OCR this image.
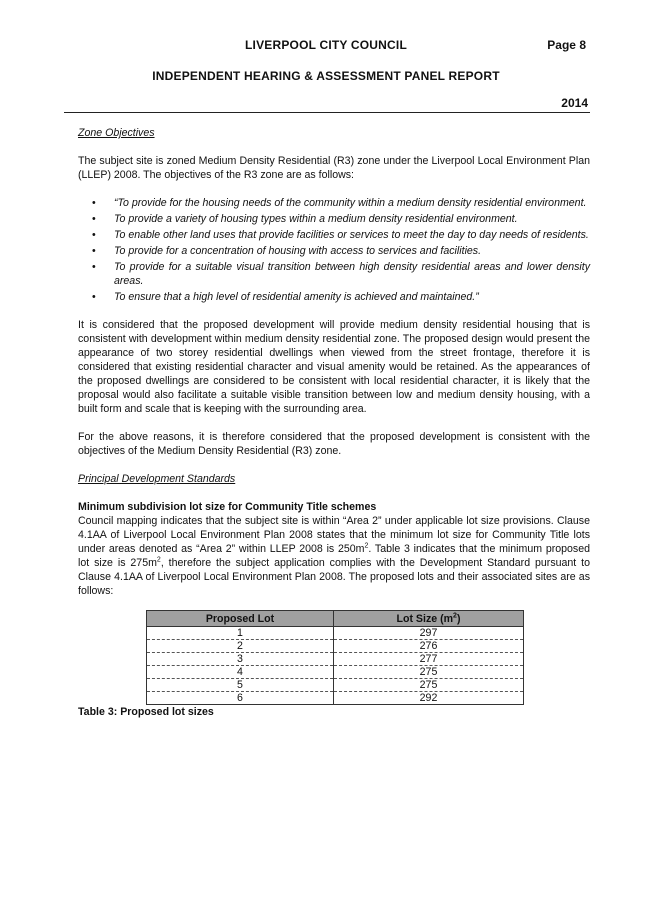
LIVERPOOL CITY COUNCIL	Page 8
INDEPENDENT HEARING & ASSESSMENT PANEL REPORT
2014
Zone Objectives

The subject site is zoned Medium Density Residential (R3) zone under the Liverpool Local Environment Plan (LLEP) 2008. The objectives of the R3 zone are as follows:

• “To provide for the housing needs of the community within a medium density residential environment.
• To provide a variety of housing types within a medium density residential environment.
• To enable other land uses that provide facilities or services to meet the day to day needs of residents.
• To provide for a concentration of housing with access to services and facilities.
• To provide for a suitable visual transition between high density residential areas and lower density areas.
• To ensure that a high level of residential amenity is achieved and maintained.”

It is considered that the proposed development will provide medium density residential housing that is consistent with development within medium density residential zone. The proposed design would present the appearance of two storey residential dwellings when viewed from the street frontage, therefore it is considered that existing residential character and visual amenity would be retained. As the appearances of the proposed dwellings are considered to be consistent with local residential character, it is likely that the proposal would also facilitate a suitable visible transition between low and medium density housing, with a built form and scale that is keeping with the surrounding area.

For the above reasons, it is therefore considered that the proposed development is consistent with the objectives of the Medium Density Residential (R3) zone.

Principal Development Standards
Minimum subdivision lot size for Community Title schemes

Council mapping indicates that the subject site is within “Area 2” under applicable lot size provisions. Clause 4.1AA of Liverpool Local Environment Plan 2008 states that the minimum lot size for Community Title lots under areas denoted as “Area 2” within LLEP 2008 is $250m^2$. Table 3 indicates that the minimum proposed lot size is $275m^2$, therefore the subject application complies with the Development Standard pursuant to Clause 4.1AA of Liverpool Local Environment Plan 2008. The proposed lots and their associated sites are as follows:

Proposed Lot	Lot Size $(m^2)$
1	297
2	276
3	277
4	275
5	275
6	292
Table 3: Proposed lot sizes
